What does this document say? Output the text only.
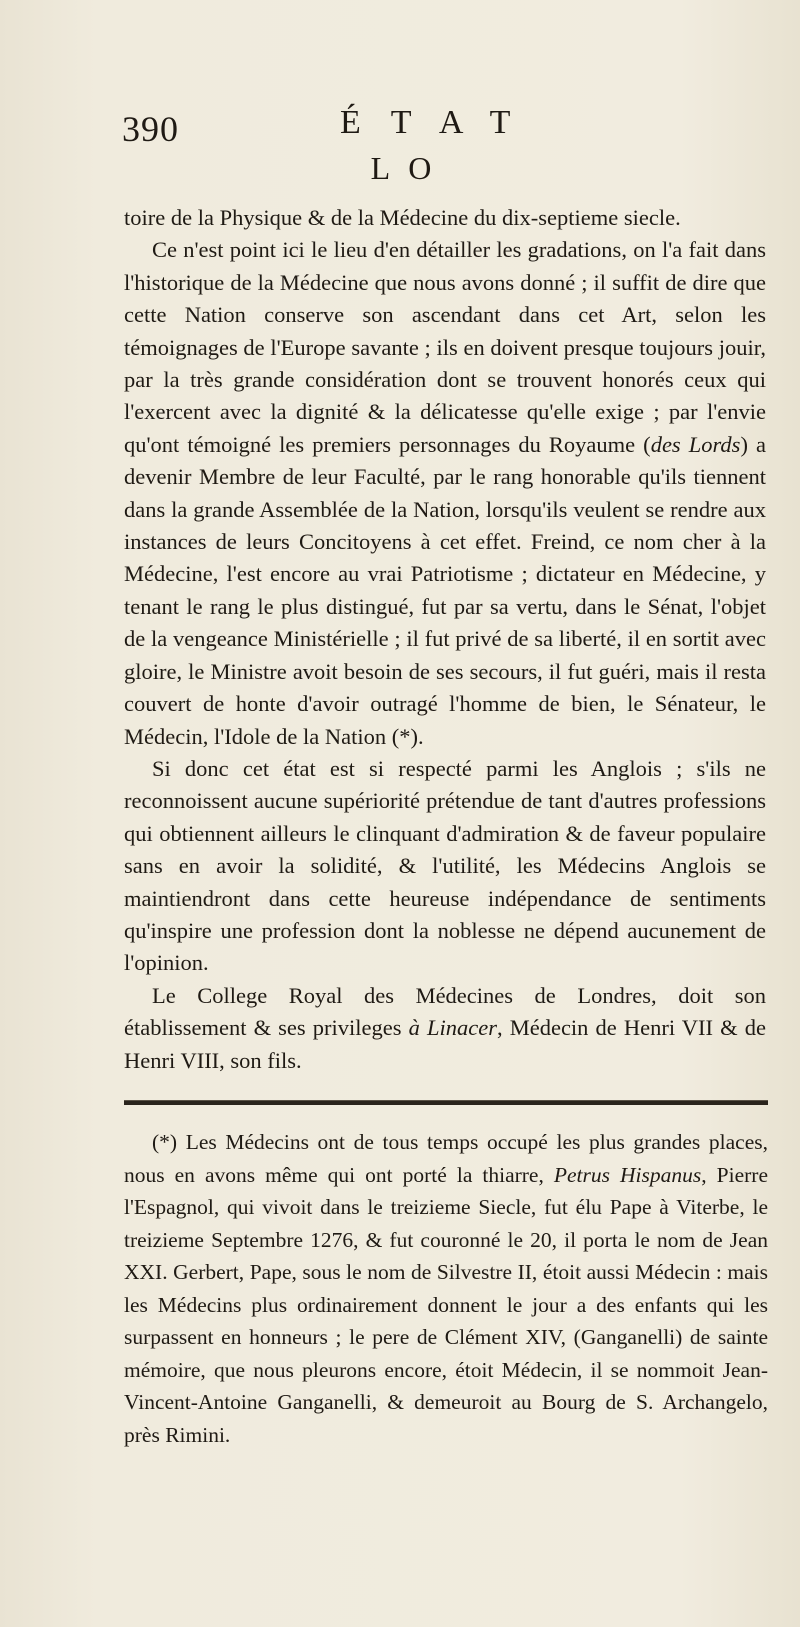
390	ÉTAT
LO

toire de la Physique & de la Médecine du dix-septieme siecle.

Ce n'est point ici le lieu d'en détailler les gradations, on l'a fait dans l'historique de la Médecine que nous avons donné ; il suffit de dire que cette Nation conserve son ascendant dans cet Art, selon les témoignages de l'Europe savante ; ils en doivent presque toujours jouir, par la très grande considération dont se trouvent honorés ceux qui l'exercent avec la dignité & la délicatesse qu'elle exige ; par l'envie qu'ont témoigné les premiers personnages du Royaume (des Lords) a devenir Membre de leur Faculté, par le rang honorable qu'ils tiennent dans la grande Assemblée de la Nation, lorsqu'ils veulent se rendre aux instances de leurs Concitoyens à cet effet. Freind, ce nom cher à la Médecine, l'est encore au vrai Patriotisme ; dictateur en Médecine, y tenant le rang le plus distingué, fut par sa vertu, dans le Sénat, l'objet de la vengeance Ministérielle ; il fut privé de sa liberté, il en sortit avec gloire, le Ministre avoit besoin de ses secours, il fut guéri, mais il resta couvert de honte d'avoir outragé l'homme de bien, le Sénateur, le Médecin, l'Idole de la Nation (*).

Si donc cet état est si respecté parmi les Anglois ; s'ils ne reconnoissent aucune supériorité prétendue de tant d'autres professions qui obtiennent ailleurs le clinquant d'admiration & de faveur populaire sans en avoir la solidité, & l'utilité, les Médecins Anglois se maintiendront dans cette heureuse indépendance de sentiments qu'inspire une profession dont la noblesse ne dépend aucunement de l'opinion.

Le College Royal des Médecines de Londres, doit son établissement & ses privileges à Linacer, Médecin de Henri VII & de Henri VIII, son fils.

(*) Les Médecins ont de tous temps occupé les plus grandes places, nous en avons même qui ont porté la thiarre, Petrus Hispanus, Pierre l'Espagnol, qui vivoit dans le treizieme Siecle, fut élu Pape à Viterbe, le treizieme Septembre 1276, & fut couronné le 20, il porta le nom de Jean XXI. Gerbert, Pape, sous le nom de Silvestre II, étoit aussi Médecin : mais les Médecins plus ordinairement donnent le jour a des enfants qui les surpassent en honneurs ; le pere de Clément XIV, (Ganganelli) de sainte mémoire, que nous pleurons encore, étoit Médecin, il se nommoit Jean-Vincent-Antoine Ganganelli, & demeuroit au Bourg de S. Archangelo, près Rimini.
